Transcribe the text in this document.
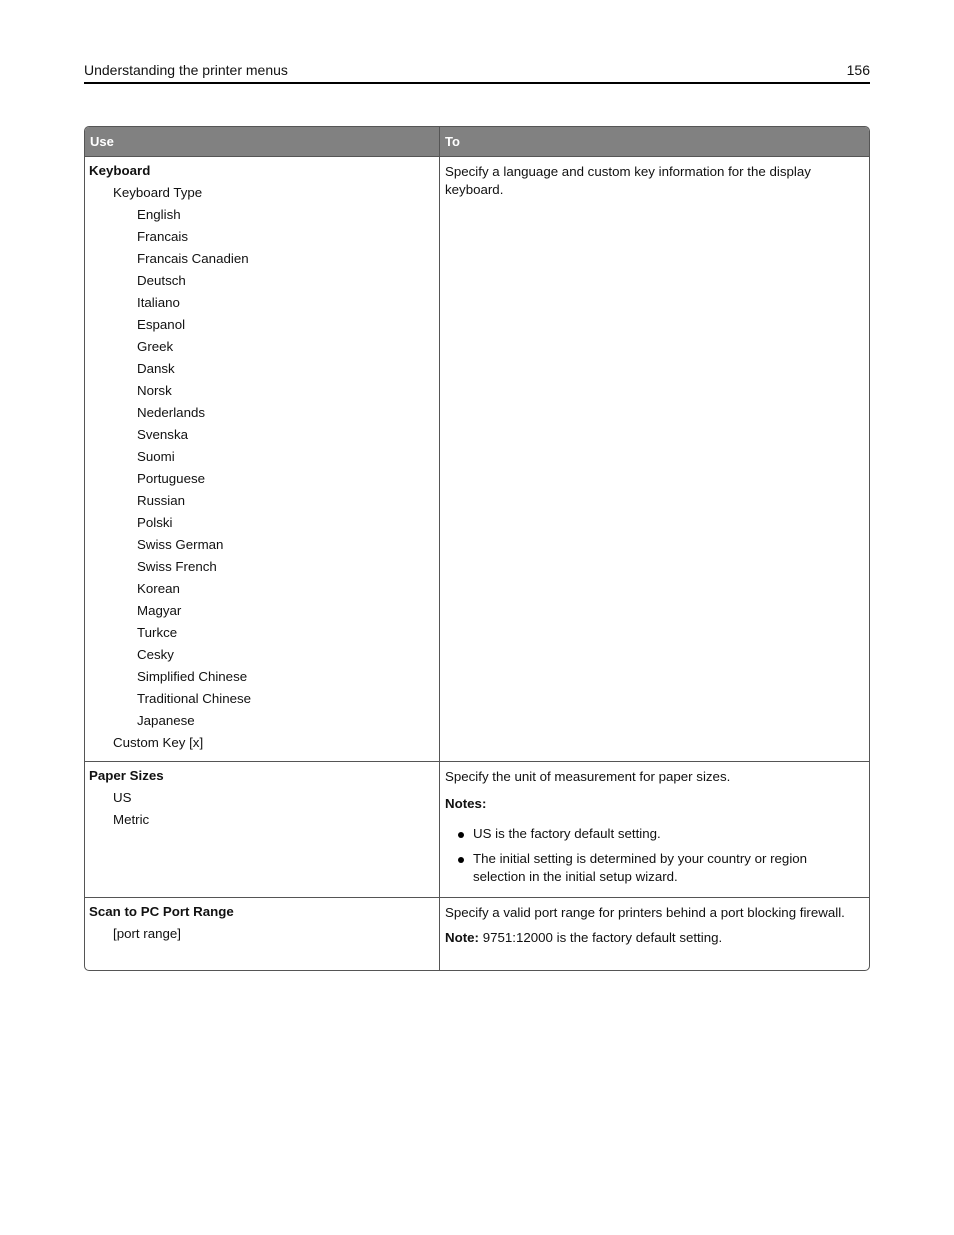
Understanding the printer menus	156
Use	To
Keyboard
Keyboard Type
English
Francais
Francais Canadien
Deutsch
Italiano
Espanol
Greek
Dansk
Norsk
Nederlands
Svenska
Suomi
Portuguese
Russian
Polski
Swiss German
Swiss French
Korean
Magyar
Turkce
Cesky
Simplified Chinese
Traditional Chinese
Japanese
Custom Key [x]

Specify a language and custom key information for the display keyboard.

Paper Sizes
US
Metric

Specify the unit of measurement for paper sizes.

Notes:

US is the factory default setting.
The initial setting is determined by your country or region selection in the initial setup wizard.
Scan to PC Port Range
[port range]

Specify a valid port range for printers behind a port blocking firewall.

Note: 9751:12000 is the factory default setting.
